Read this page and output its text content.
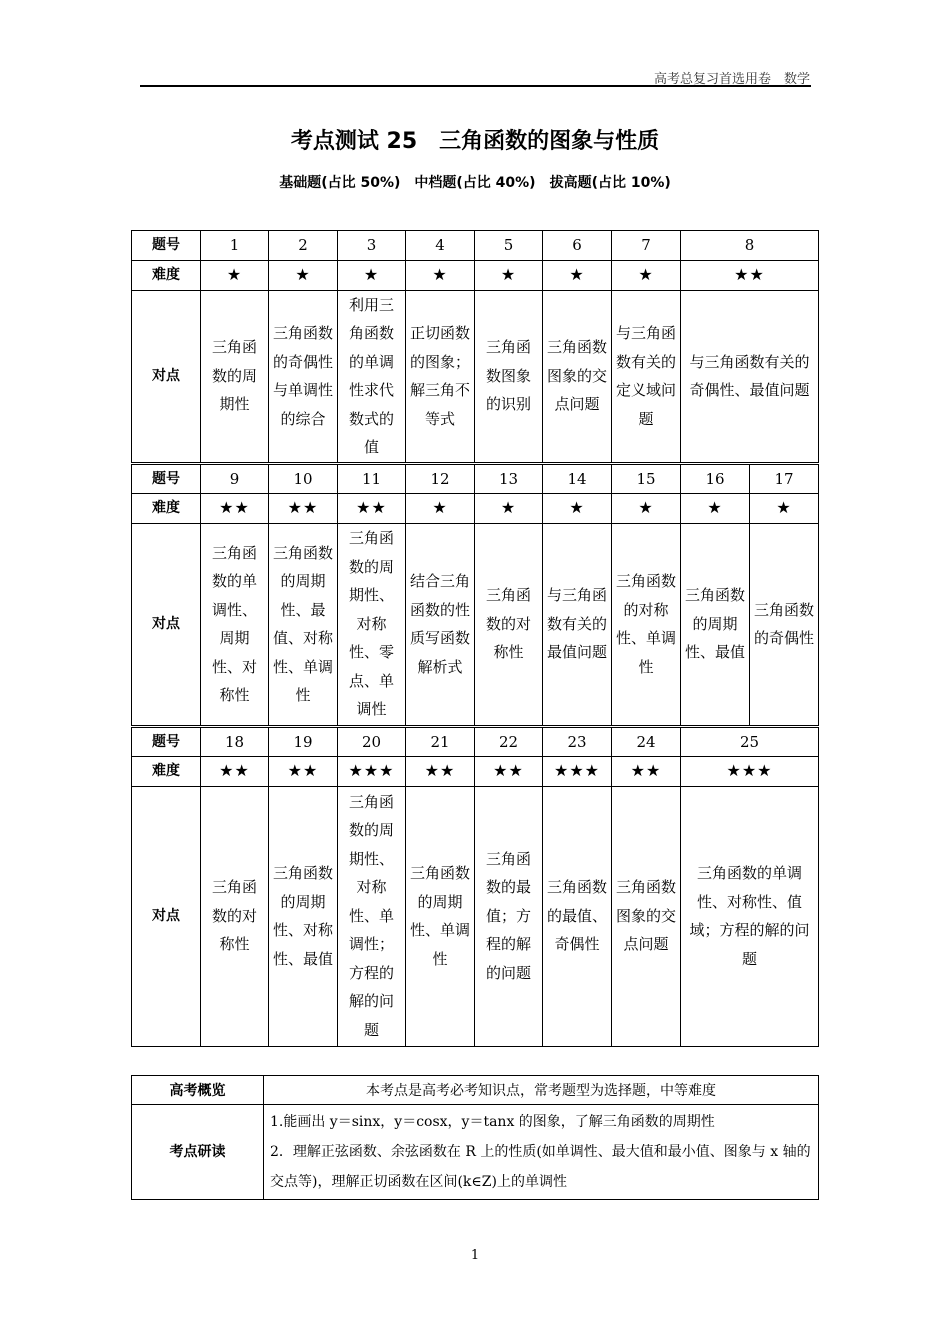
高考总复习首选用卷　数学
考点测试 25　三角函数的图象与性质
基础题(占比 50%)　中档题(占比 40%)　拔高题(占比 10%)
题号	1	2	3	4	5	6	7	8	
难度	★	★	★	★	★	★	★	★★	
对点	三角函数的周期性	三角函数的奇偶性与单调性的综合	利用三角函数的单调性求代数式的值	正切函数的图象；解三角不等式	三角函数图象的识别	三角函数图象的交点问题	与三角函数有关的定义域问题	与三角函数有关的奇偶性、最值问题	
题号	9	10	11	12	13	14	15	16	17
难度	★★	★★	★★	★	★	★	★	★	★
对点	三角函数的单调性、周期性、对称性	三角函数的周期性、最值、对称性、单调性	三角函数的周期性、对称性、零点、单调性	结合三角函数的性质写函数解析式	三角函数的对称性	与三角函数有关的最值问题	三角函数的对称性、单调性	三角函数的周期性、最值	三角函数的奇偶性
题号	18	19	20	21	22	23	24	25	
难度	★★	★★	★★★	★★	★★	★★★	★★	★★★	
对点	三角函数的对称性	三角函数的周期性、对称性、最值	三角函数的周期性、对称性、单调性；方程的解的问题	三角函数的周期性、单调性	三角函数的最值；方程的解的问题	三角函数的最值、奇偶性	三角函数图象的交点问题	三角函数的单调性、对称性、值域；方程的解的问题	
高考概览	本考点是高考必考知识点，常考题型为选择题，中等难度
考点研读	1.能画出 y＝sinx，y＝cosx，y＝tanx 的图象，了解三角函数的周期性
2．理解正弦函数、余弦函数在 R 上的性质(如单调性、最大值和最小值、图象与 x 轴的交点等)，理解正切函数在区间(k∈Z)上的单调性
1
